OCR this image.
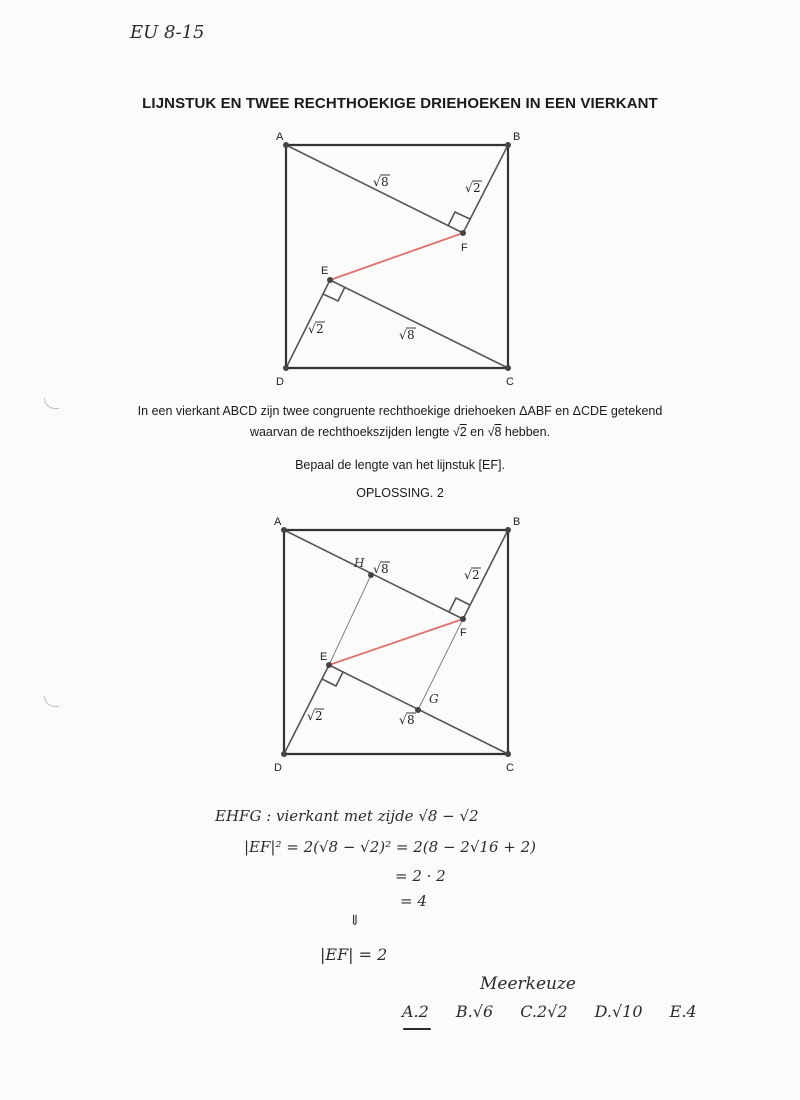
EU 8-15
LIJNSTUK EN TWEE RECHTHOEKIGE DRIEHOEKEN IN EEN VIERKANT
A	B
C
D
E
F
√ 8	√ 2
√ 2	√ 8
In een vierkant ABCD zijn twee congruente rechthoekige driehoeken ΔABF en ΔCDE getekend
waarvan de rechthoekszijden lengte √2 en √8 hebben.
Bepaal de lengte van het lijnstuk [EF].
OPLOSSING. 2
A	B
C
D
E
F
H
G
√ 8	√ 2
√ 2	√ 8
EHFG : vierkant met zijde √8 − √2
|EF|² = 2(√8 − √2)² = 2(8 − 2√16 + 2)
= 2 · 2
= 4
⇓
|EF| = 2
Meerkeuze
A.2 B.√6 C.2√2 D.√10 E.4
